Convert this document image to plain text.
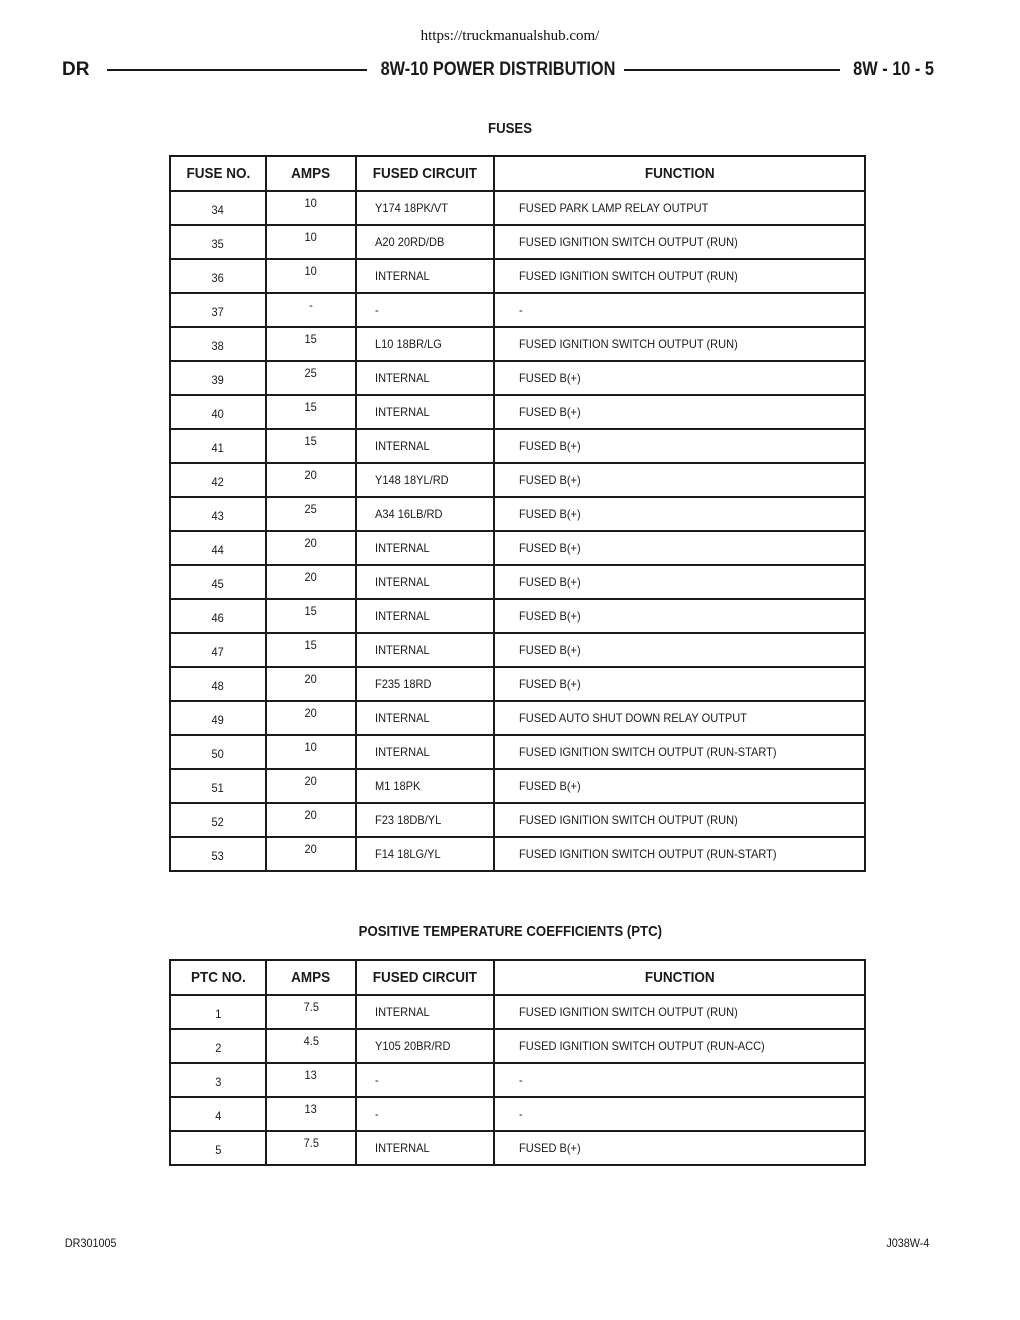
https://truckmanualshub.com/
DR	8W-10 POWER DISTRIBUTION	8W - 10 - 5
FUSES
FUSE NO.	AMPS	FUSED CIRCUIT	FUNCTION
34	10	Y174 18PK/VT	FUSED PARK LAMP RELAY OUTPUT
35	10	A20 20RD/DB	FUSED IGNITION SWITCH OUTPUT (RUN)
36	10	INTERNAL	FUSED IGNITION SWITCH OUTPUT (RUN)
37	-	-	-
38	15	L10 18BR/LG	FUSED IGNITION SWITCH OUTPUT (RUN)
39	25	INTERNAL	FUSED B(+)
40	15	INTERNAL	FUSED B(+)
41	15	INTERNAL	FUSED B(+)
42	20	Y148 18YL/RD	FUSED B(+)
43	25	A34 16LB/RD	FUSED B(+)
44	20	INTERNAL	FUSED B(+)
45	20	INTERNAL	FUSED B(+)
46	15	INTERNAL	FUSED B(+)
47	15	INTERNAL	FUSED B(+)
48	20	F235 18RD	FUSED B(+)
49	20	INTERNAL	FUSED AUTO SHUT DOWN RELAY OUTPUT
50	10	INTERNAL	FUSED IGNITION SWITCH OUTPUT (RUN-START)
51	20	M1 18PK	FUSED B(+)
52	20	F23 18DB/YL	FUSED IGNITION SWITCH OUTPUT (RUN)
53	20	F14 18LG/YL	FUSED IGNITION SWITCH OUTPUT (RUN-START)
POSITIVE TEMPERATURE COEFFICIENTS (PTC)
PTC NO.	AMPS	FUSED CIRCUIT	FUNCTION
1	7.5	INTERNAL	FUSED IGNITION SWITCH OUTPUT (RUN)
2	4.5	Y105 20BR/RD	FUSED IGNITION SWITCH OUTPUT (RUN-ACC)
3	13	-	-
4	13	-	-
5	7.5	INTERNAL	FUSED B(+)
DR301005	J038W-4
